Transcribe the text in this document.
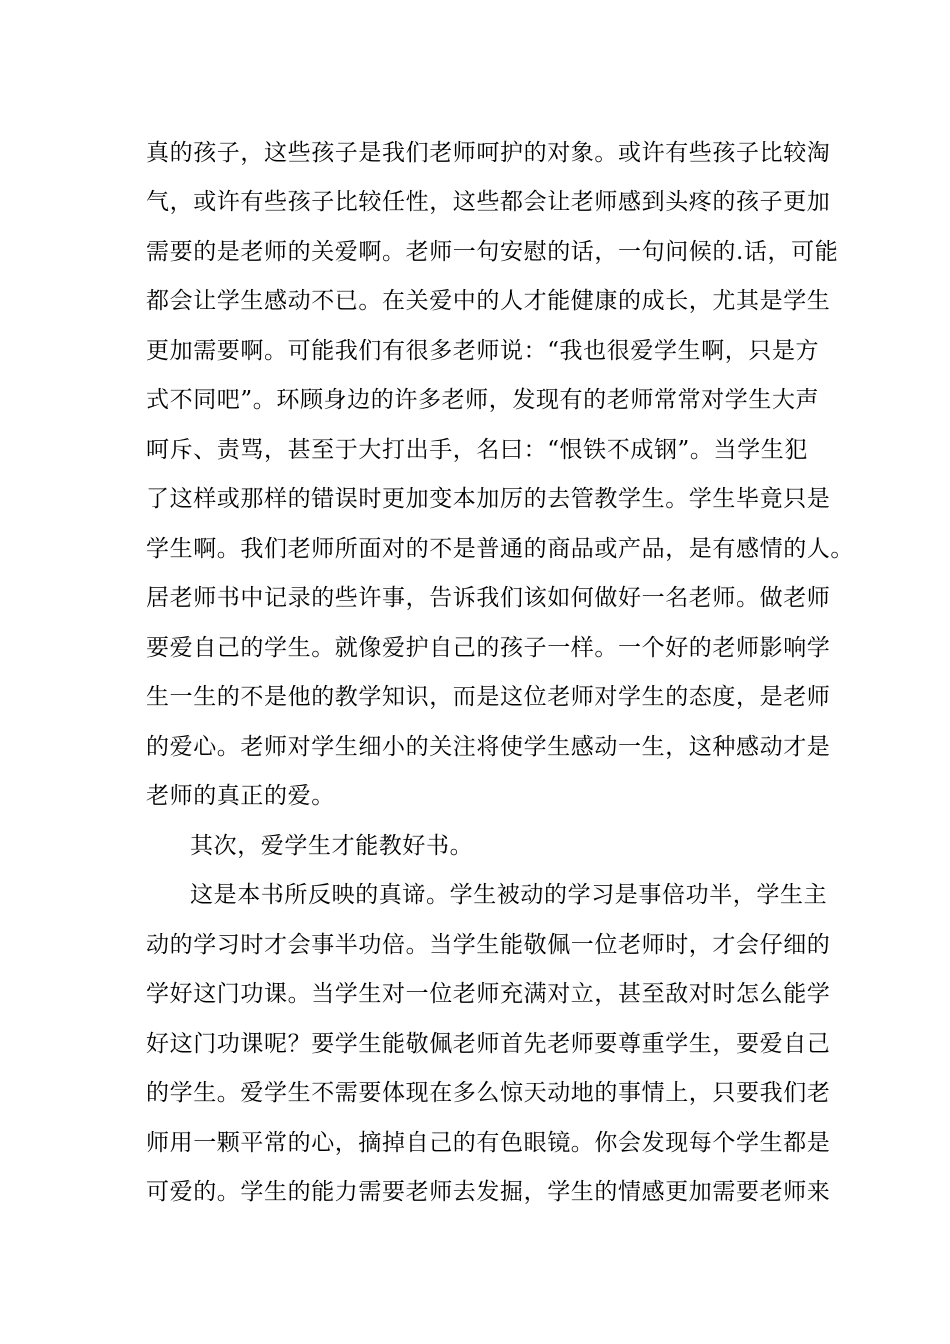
真的孩子，这些孩子是我们老师呵护的对象。或许有些孩子比较淘
气，或许有些孩子比较任性，这些都会让老师感到头疼的孩子更加
需要的是老师的关爱啊。老师一句安慰的话，一句问候的.话，可能
都会让学生感动不已。在关爱中的人才能健康的成长，尤其是学生
更加需要啊。可能我们有很多老师说：“我也很爱学生啊，只是方
式不同吧”。环顾身边的许多老师，发现有的老师常常对学生大声
呵斥、责骂，甚至于大打出手，名曰：“恨铁不成钢”。当学生犯
了这样或那样的错误时更加变本加厉的去管教学生。学生毕竟只是
学生啊。我们老师所面对的不是普通的商品或产品，是有感情的人。
居老师书中记录的些许事，告诉我们该如何做好一名老师。做老师
要爱自己的学生。就像爱护自己的孩子一样。一个好的老师影响学
生一生的不是他的教学知识，而是这位老师对学生的态度，是老师
的爱心。老师对学生细小的关注将使学生感动一生，这种感动才是
老师的真正的爱。
其次，爱学生才能教好书。
这是本书所反映的真谛。学生被动的学习是事倍功半，学生主
动的学习时才会事半功倍。当学生能敬佩一位老师时，才会仔细的
学好这门功课。当学生对一位老师充满对立，甚至敌对时怎么能学
好这门功课呢？要学生能敬佩老师首先老师要尊重学生，要爱自己
的学生。爱学生不需要体现在多么惊天动地的事情上，只要我们老
师用一颗平常的心，摘掉自己的有色眼镜。你会发现每个学生都是
可爱的。学生的能力需要老师去发掘，学生的情感更加需要老师来
